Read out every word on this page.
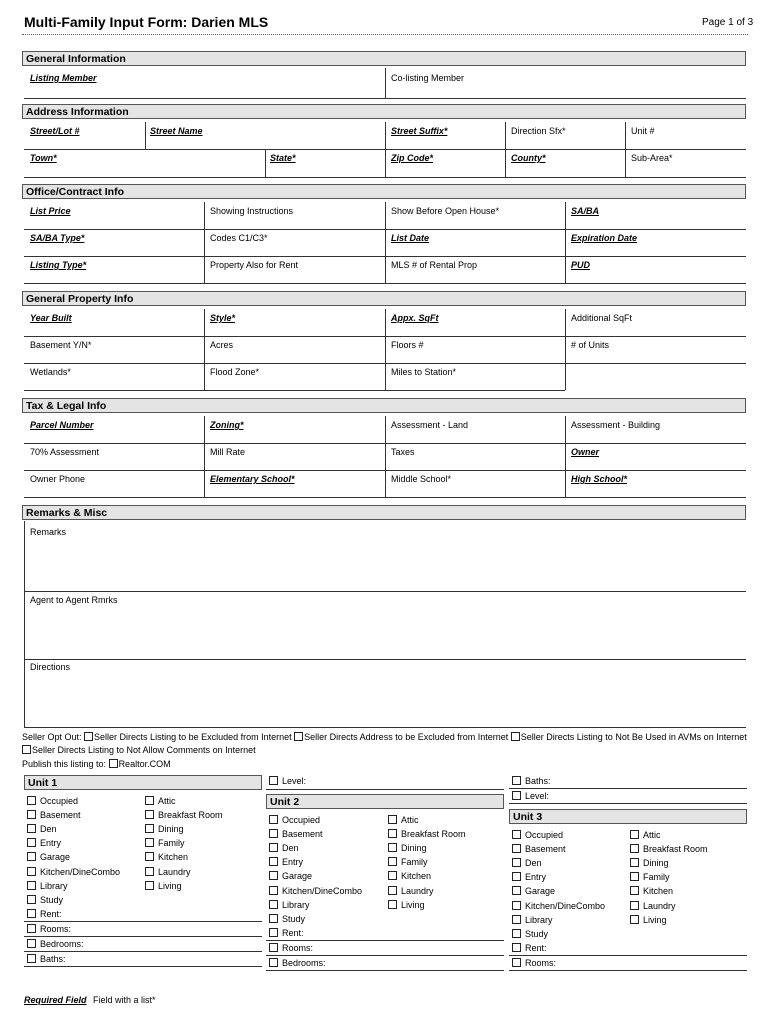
Multi-Family Input Form: Darien MLS	Page 1 of 3
General Information
Listing Member	Co-listing Member
Address Information
Street/Lot #	Street Name	Street Suffix*	Direction Sfx*	Unit #
Town*	State*	Zip Code*	County*	Sub-Area*
Office/Contract Info
List Price	Showing Instructions	Show Before Open House*	SA/BA
SA/BA Type*	Codes C1/C3*	List Date	Expiration Date
Listing Type*	Property Also for Rent	MLS # of Rental Prop	PUD
General Property Info
Year Built	Style*	Appx. SqFt	Additional SqFt
Basement Y/N*	Acres	Floors #	# of Units
Wetlands*	Flood Zone*	Miles to Station*
Tax & Legal Info
Parcel Number	Zoning*	Assessment - Land	Assessment - Building
70% Assessment	Mill Rate	Taxes	Owner
Owner Phone	Elementary School*	Middle School*	High School*
Remarks & Misc
Remarks
Agent to Agent Rmrks
Directions
Seller Opt Out: Seller Directs Listing to be Excluded from Internet Seller Directs Address to be Excluded from Internet Seller Directs Listing to Not Be Used in AVMs on Internet
Seller Directs Listing to Not Allow Comments on Internet
Publish this listing to: Realtor.COM
Unit 1
Occupied
Basement
Den
Entry
Garage
Kitchen/DineCombo
Library
Study
Attic
Breakfast Room
Dining
Family
Kitchen
Laundry
Living
Rent:
Rooms:
Bedrooms:
Baths:
Level:
Unit 2
Occupied
Basement
Den
Entry
Garage
Kitchen/DineCombo
Library
Study
Attic
Breakfast Room
Dining
Family
Kitchen
Laundry
Living
Rent:
Rooms:
Bedrooms:
Baths:
Level:
Unit 3
Occupied
Basement
Den
Entry
Garage
Kitchen/DineCombo
Library
Study
Attic
Breakfast Room
Dining
Family
Kitchen
Laundry
Living
Rent:
Rooms:
Required Field Field with a list*
